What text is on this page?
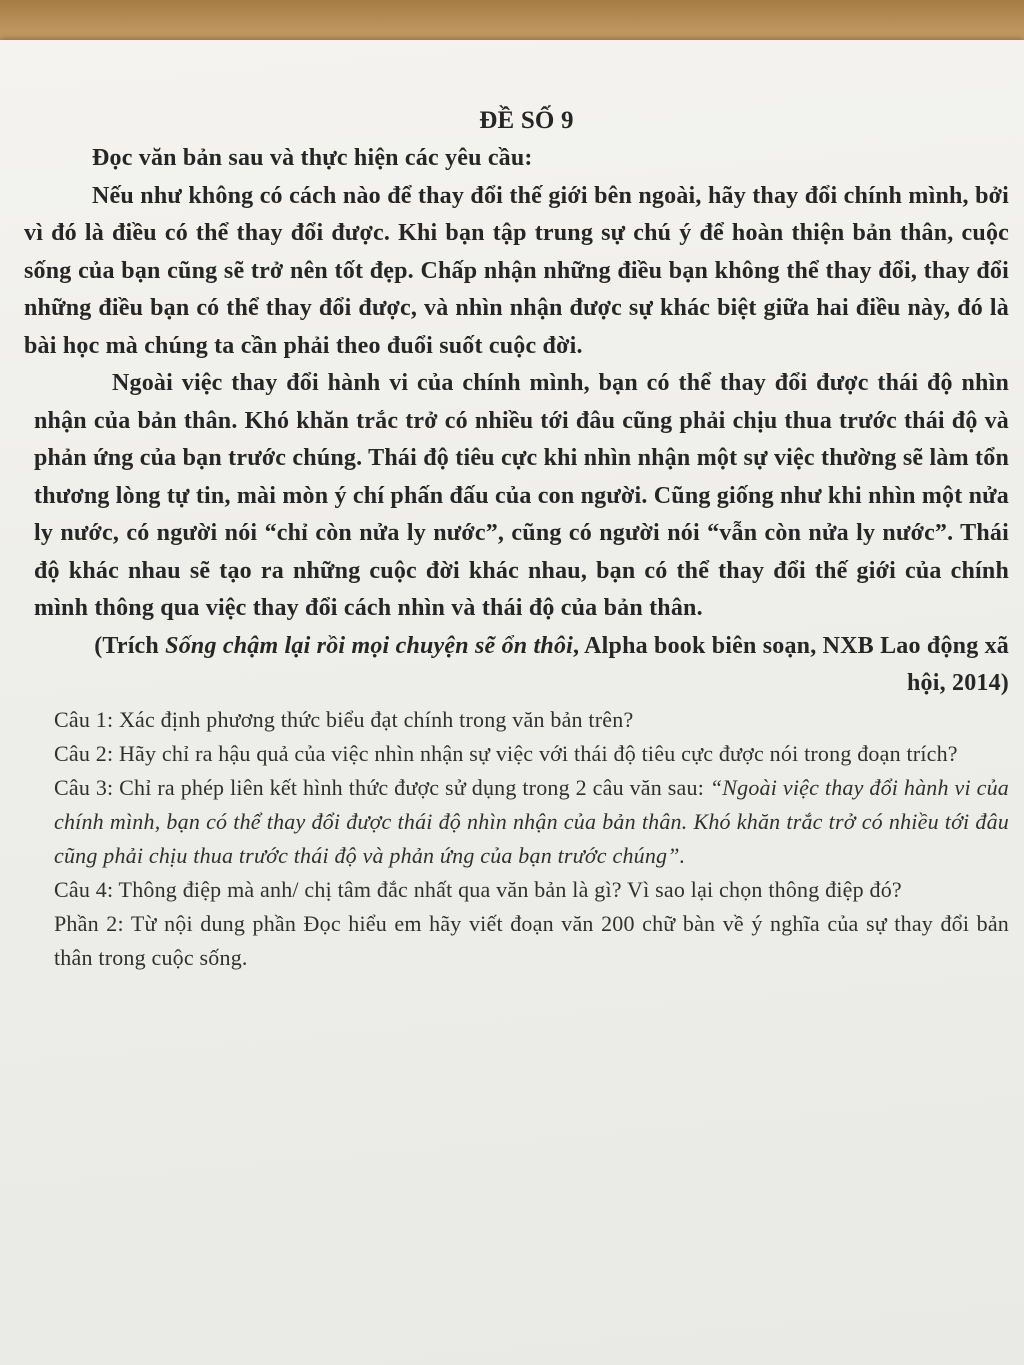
ĐỀ SỐ 9

Đọc văn bản sau và thực hiện các yêu cầu:

Nếu như không có cách nào để thay đổi thế giới bên ngoài, hãy thay đổi chính mình, bởi vì đó là điều có thể thay đổi được. Khi bạn tập trung sự chú ý để hoàn thiện bản thân, cuộc sống của bạn cũng sẽ trở nên tốt đẹp. Chấp nhận những điều bạn không thể thay đổi, thay đổi những điều bạn có thể thay đổi được, và nhìn nhận được sự khác biệt giữa hai điều này, đó là bài học mà chúng ta cần phải theo đuổi suốt cuộc đời.

Ngoài việc thay đổi hành vi của chính mình, bạn có thể thay đổi được thái độ nhìn nhận của bản thân. Khó khăn trắc trở có nhiều tới đâu cũng phải chịu thua trước thái độ và phản ứng của bạn trước chúng. Thái độ tiêu cực khi nhìn nhận một sự việc thường sẽ làm tổn thương lòng tự tin, mài mòn ý chí phấn đấu của con người. Cũng giống như khi nhìn một nửa ly nước, có người nói “chỉ còn nửa ly nước”, cũng có người nói “vẫn còn nửa ly nước”. Thái độ khác nhau sẽ tạo ra những cuộc đời khác nhau, bạn có thể thay đổi thế giới của chính mình thông qua việc thay đổi cách nhìn và thái độ của bản thân.

(Trích Sống chậm lại rồi mọi chuyện sẽ ổn thôi, Alpha book biên soạn, NXB Lao động xã hội, 2014)

Câu 1: Xác định phương thức biểu đạt chính trong văn bản trên?

Câu 2: Hãy chỉ ra hậu quả của việc nhìn nhận sự việc với thái độ tiêu cực được nói trong đoạn trích?

Câu 3: Chỉ ra phép liên kết hình thức được sử dụng trong 2 câu văn sau: “Ngoài việc thay đổi hành vi của chính mình, bạn có thể thay đổi được thái độ nhìn nhận của bản thân. Khó khăn trắc trở có nhiều tới đâu cũng phải chịu thua trước thái độ và phản ứng của bạn trước chúng”.

Câu 4: Thông điệp mà anh/ chị tâm đắc nhất qua văn bản là gì? Vì sao lại chọn thông điệp đó?

Phần 2: Từ nội dung phần Đọc hiểu em hãy viết đoạn văn 200 chữ bàn về ý nghĩa của sự thay đổi bản thân trong cuộc sống.
